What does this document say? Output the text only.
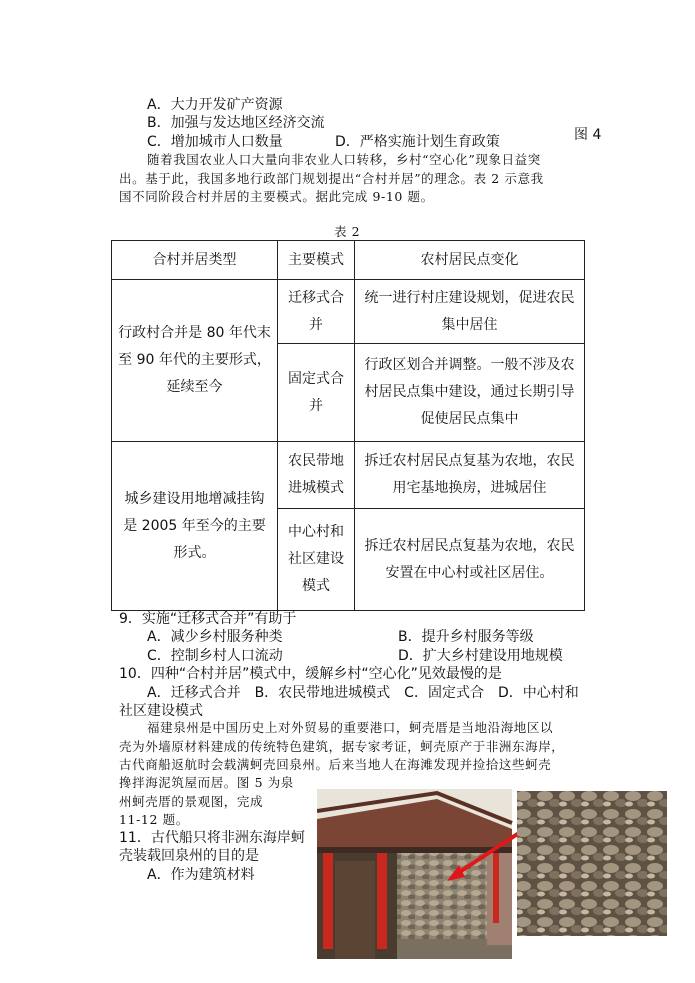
A．大力开发矿产资源
B．加强与发达地区经济交流
C．增加城市人口数量	D．严格实施计划生育政策	图 4
随着我国农业人口大量向非农业人口转移，乡村“空心化”现象日益突
出。基于此，我国多地行政部门规划提出“合村并居”的理念。表 2 示意我
国不同阶段合村并居的主要模式。据此完成 9-10 题。
表 2
合村并居类型	主要模式	农村居民点变化
行政村合并是 80 年代末至 90 年代的主要形式，延续至今	迁移式合并	统一进行村庄建设规划，促进农民集中居住
	固定式合并	行政区划合并调整。一般不涉及农村居民点集中建设，通过长期引导促使居民点集中
城乡建设用地增减挂钩是 2005 年至今的主要形式。	农民带地进城模式	拆迁农村居民点复基为农地，农民用宅基地换房，进城居住
	中心村和社区建设模式	拆迁农村居民点复基为农地，农民安置在中心村或社区居住。
9．实施“迁移式合并”有助于
A．减少乡村服务种类	B．提升乡村服务等级
C．控制乡村人口流动	D．扩大乡村建设用地规模
10．四种“合村并居”模式中，缓解乡村“空心化”见效最慢的是
A．迁移式合并　B．农民带地进城模式　C．固定式合　D．中心村和
社区建设模式
福建泉州是中国历史上对外贸易的重要港口，蚵壳厝是当地沿海地区以
壳为外墙原材料建成的传统特色建筑，据专家考证，蚵壳原产于非洲东海岸，
古代商船返航时会载满蚵壳回泉州。后来当地人在海滩发现并捡拾这些蚵壳
搀拌海泥筑屋而居。图 5 为泉
州蚵壳厝的景观图，完成
11-12 题。
11．古代船只将非洲东海岸蚵
壳装载回泉州的目的是
A．作为建筑材料
